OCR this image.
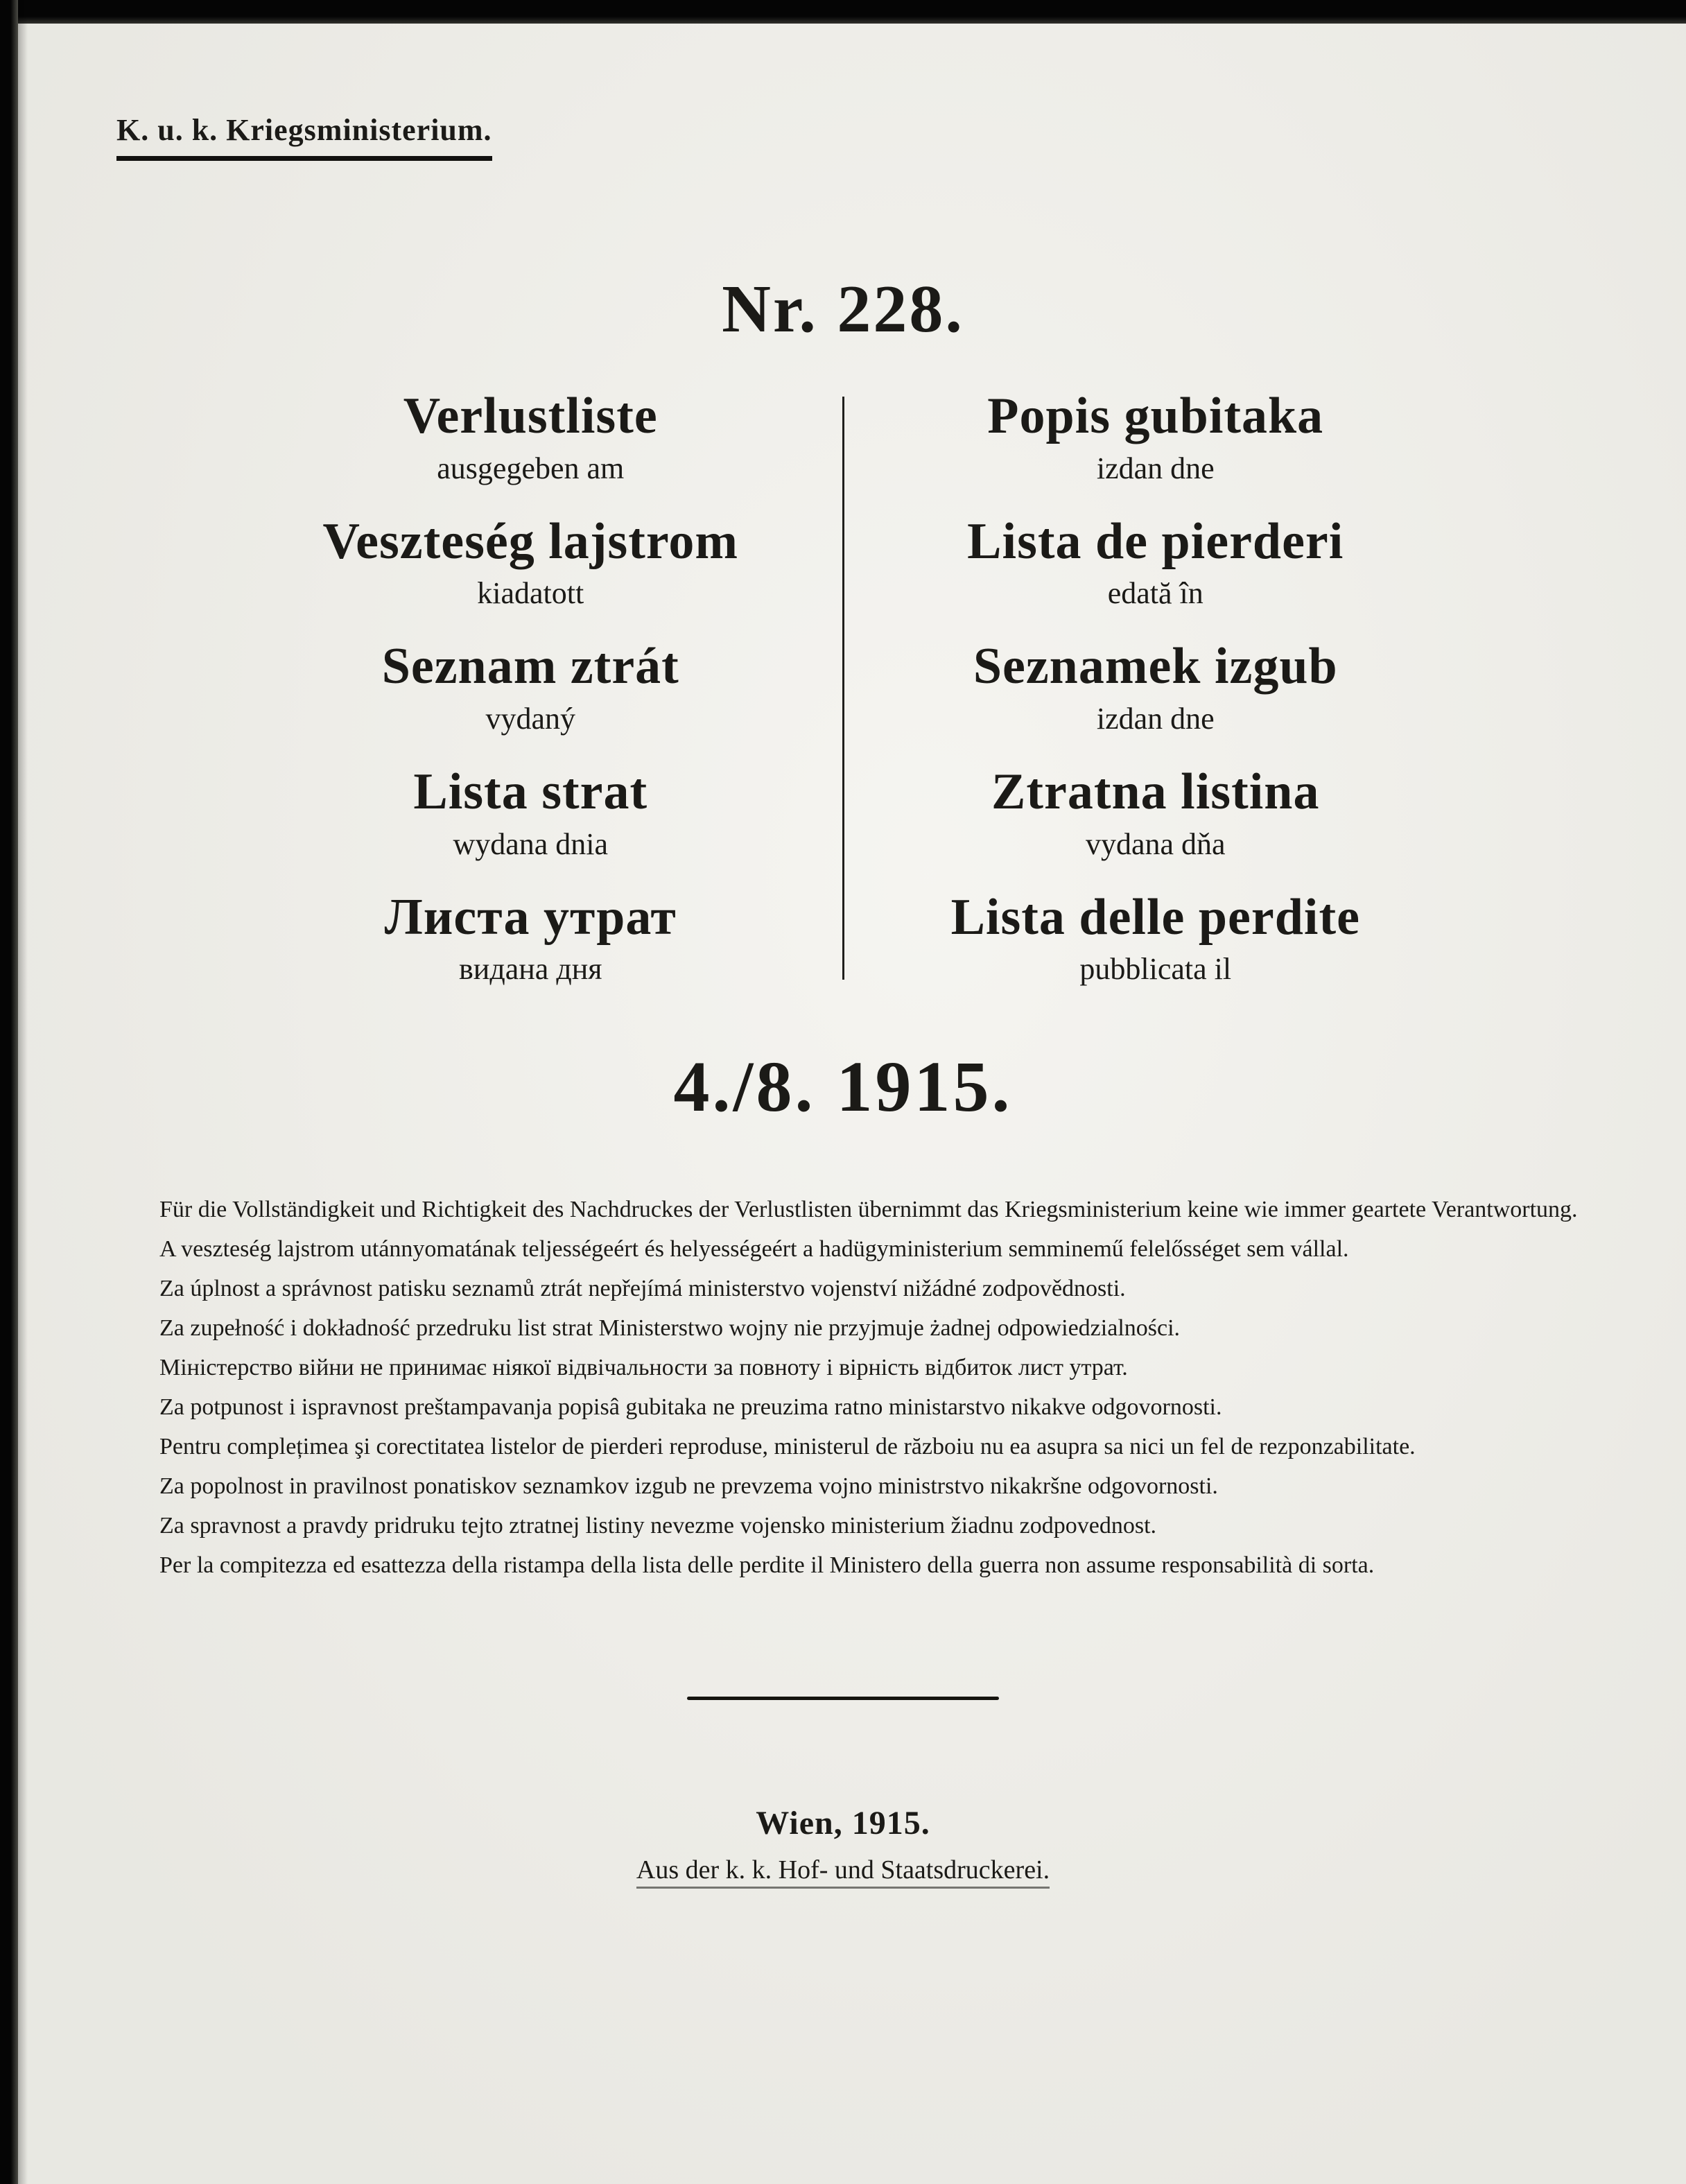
K. u. k. Kriegsministerium.
Nr. 228.
Verlustliste
ausgegeben am
Veszteség lajstrom
kiadatott
Seznam ztrát
vydaný
Lista strat
wydana dnia
Листа утрат
видана дня
Popis gubitaka
izdan dne
Lista de pierderi
edată în
Seznamek izgub
izdan dne
Ztratna listina
vydana dňa
Lista delle perdite
pubblicata il
4./8. 1915.

Für die Vollständigkeit und Richtigkeit des Nachdruckes der Verlustlisten übernimmt das Kriegsministerium keine wie immer geartete Verantwortung.

A veszteség lajstrom utánnyomatának teljességeért és helyességeért a hadügyministerium semminemű felelősséget sem vállal.

Za úplnost a správnost patisku seznamů ztrát nepřejímá ministerstvo vojenství nižádné zodpovědnosti.

Za zupełność i dokładność przedruku list strat Ministerstwo wojny nie przyjmuje żadnej odpowiedzialności.

Міністерство війни не принимає ніякої відвічальности за повноту і вірність відбиток лист утрат.

Za potpunost i ispravnost preštampavanja popisâ gubitaka ne preuzima ratno ministarstvo nikakve odgovornosti.

Pentru complețimea şi corectitatea listelor de pierderi reproduse, ministerul de războiu nu ea asupra sa nici un fel de rezponzabilitate.

Za popolnost in pravilnost ponatiskov seznamkov izgub ne prevzema vojno ministrstvo nikakršne odgovornosti.

Za spravnost a pravdy pridruku tejto ztratnej listiny nevezme vojensko ministerium žiadnu zodpovednost.

Per la compitezza ed esattezza della ristampa della lista delle perdite il Ministero della guerra non assume responsabilità di sorta.

Wien, 1915.
Aus der k. k. Hof- und Staatsdruckerei.
